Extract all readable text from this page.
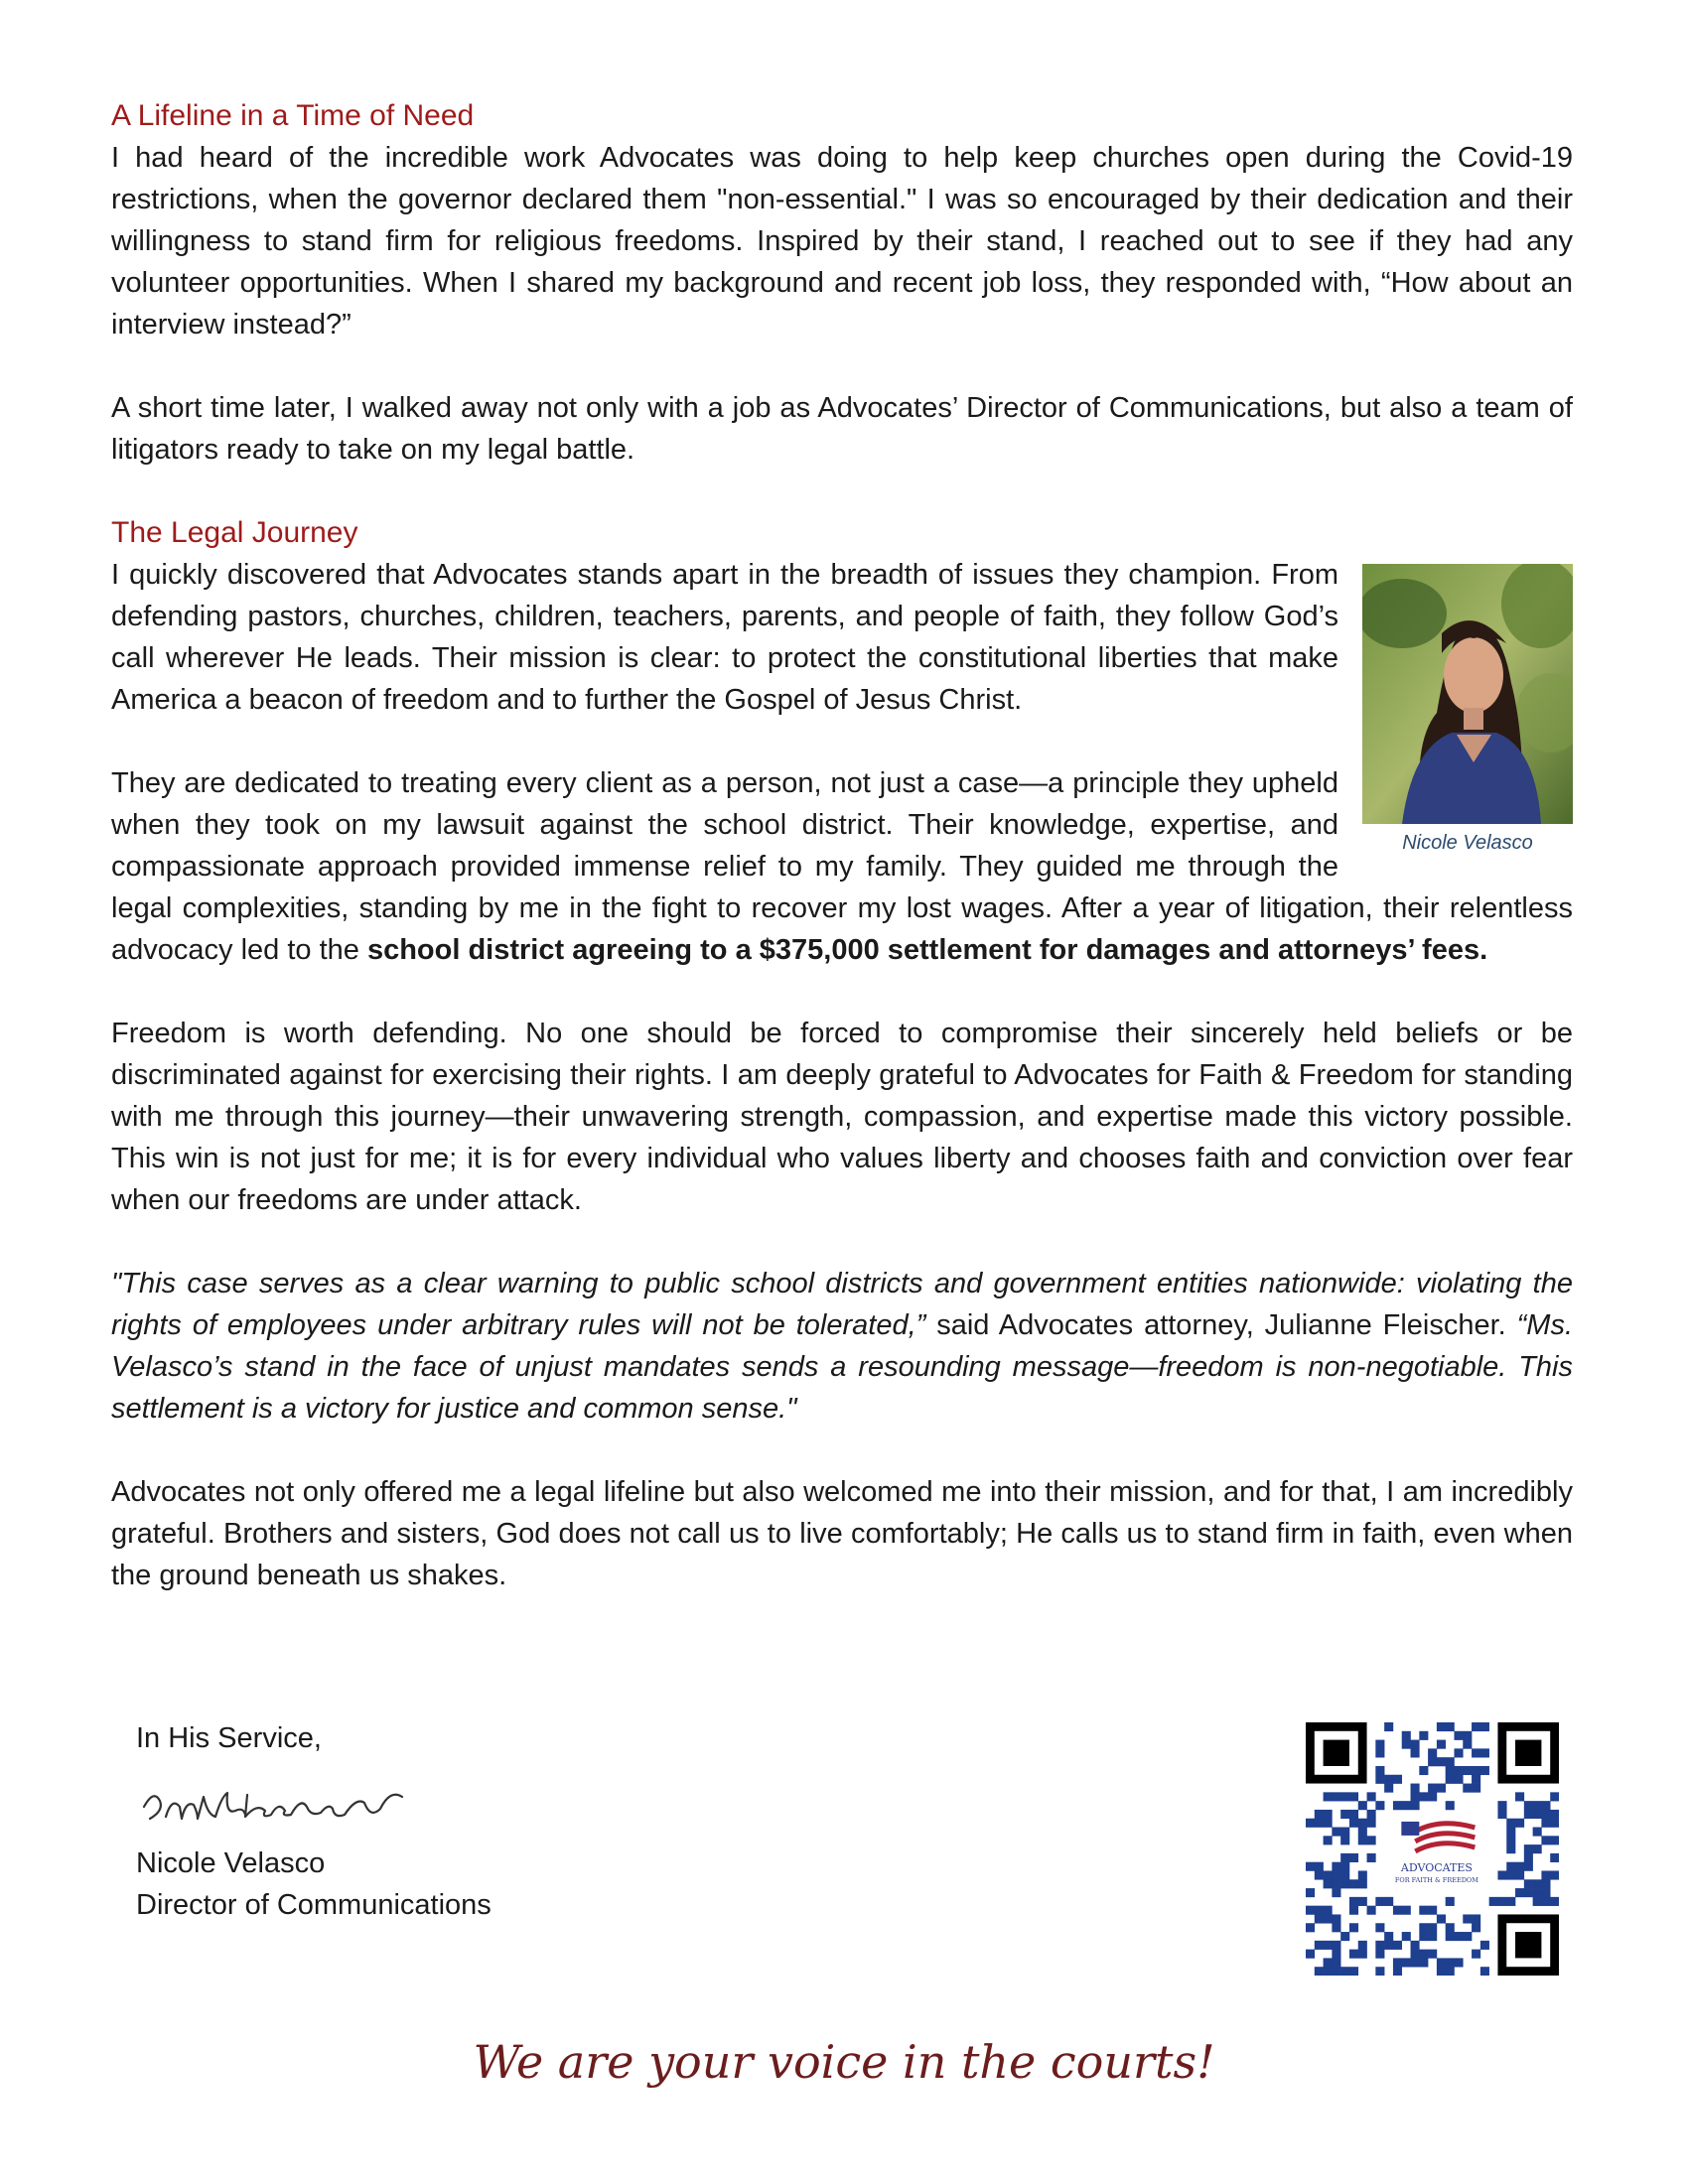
A Lifeline in a Time of Need

I had heard of the incredible work Advocates was doing to help keep churches open during the Covid-19 restrictions, when the governor declared them "non-essential." I was so encouraged by their dedication and their willingness to stand firm for religious freedoms. Inspired by their stand, I reached out to see if they had any volunteer opportunities. When I shared my background and recent job loss, they responded with, “How about an interview instead?”

A short time later, I walked away not only with a job as Advocates’ Director of Communications, but also a team of litigators ready to take on my legal battle.

The Legal Journey
Nicole Velasco

I quickly discovered that Advocates stands apart in the breadth of issues they champion. From defending pastors, churches, children, teachers, parents, and people of faith, they follow God’s call wherever He leads. Their mission is clear: to protect the constitutional liberties that make America a beacon of freedom and to further the Gospel of Jesus Christ.

They are dedicated to treating every client as a person, not just a case—a principle they upheld when they took on my lawsuit against the school district. Their knowledge, expertise, and compassionate approach provided immense relief to my family. They guided me through the legal complexities, standing by me in the fight to recover my lost wages. After a year of litigation, their relentless advocacy led to the school district agreeing to a $375,000 settlement for damages and attorneys’ fees.

Freedom is worth defending. No one should be forced to compromise their sincerely held beliefs or be discriminated against for exercising their rights. I am deeply grateful to Advocates for Faith & Freedom for standing with me through this journey—their unwavering strength, compassion, and expertise made this victory possible. This win is not just for me; it is for every individual who values liberty and chooses faith and conviction over fear when our freedoms are under attack.

"This case serves as a clear warning to public school districts and government entities nationwide: violating the rights of employees under arbitrary rules will not be tolerated,” said Advocates attorney, Julianne Fleischer. “Ms. Velasco’s stand in the face of unjust mandates sends a resounding message—freedom is non-negotiable. This settlement is a victory for justice and common sense."

Advocates not only offered me a legal lifeline but also welcomed me into their mission, and for that, I am incredibly grateful. Brothers and sisters, God does not call us to live comfortably; He calls us to stand firm in faith, even when the ground beneath us shakes.

In His Service,
Nicole Velasco
Director of Communications
ADVOCATES
FOR FAITH & FREEDOM
We are your voice in the courts!
